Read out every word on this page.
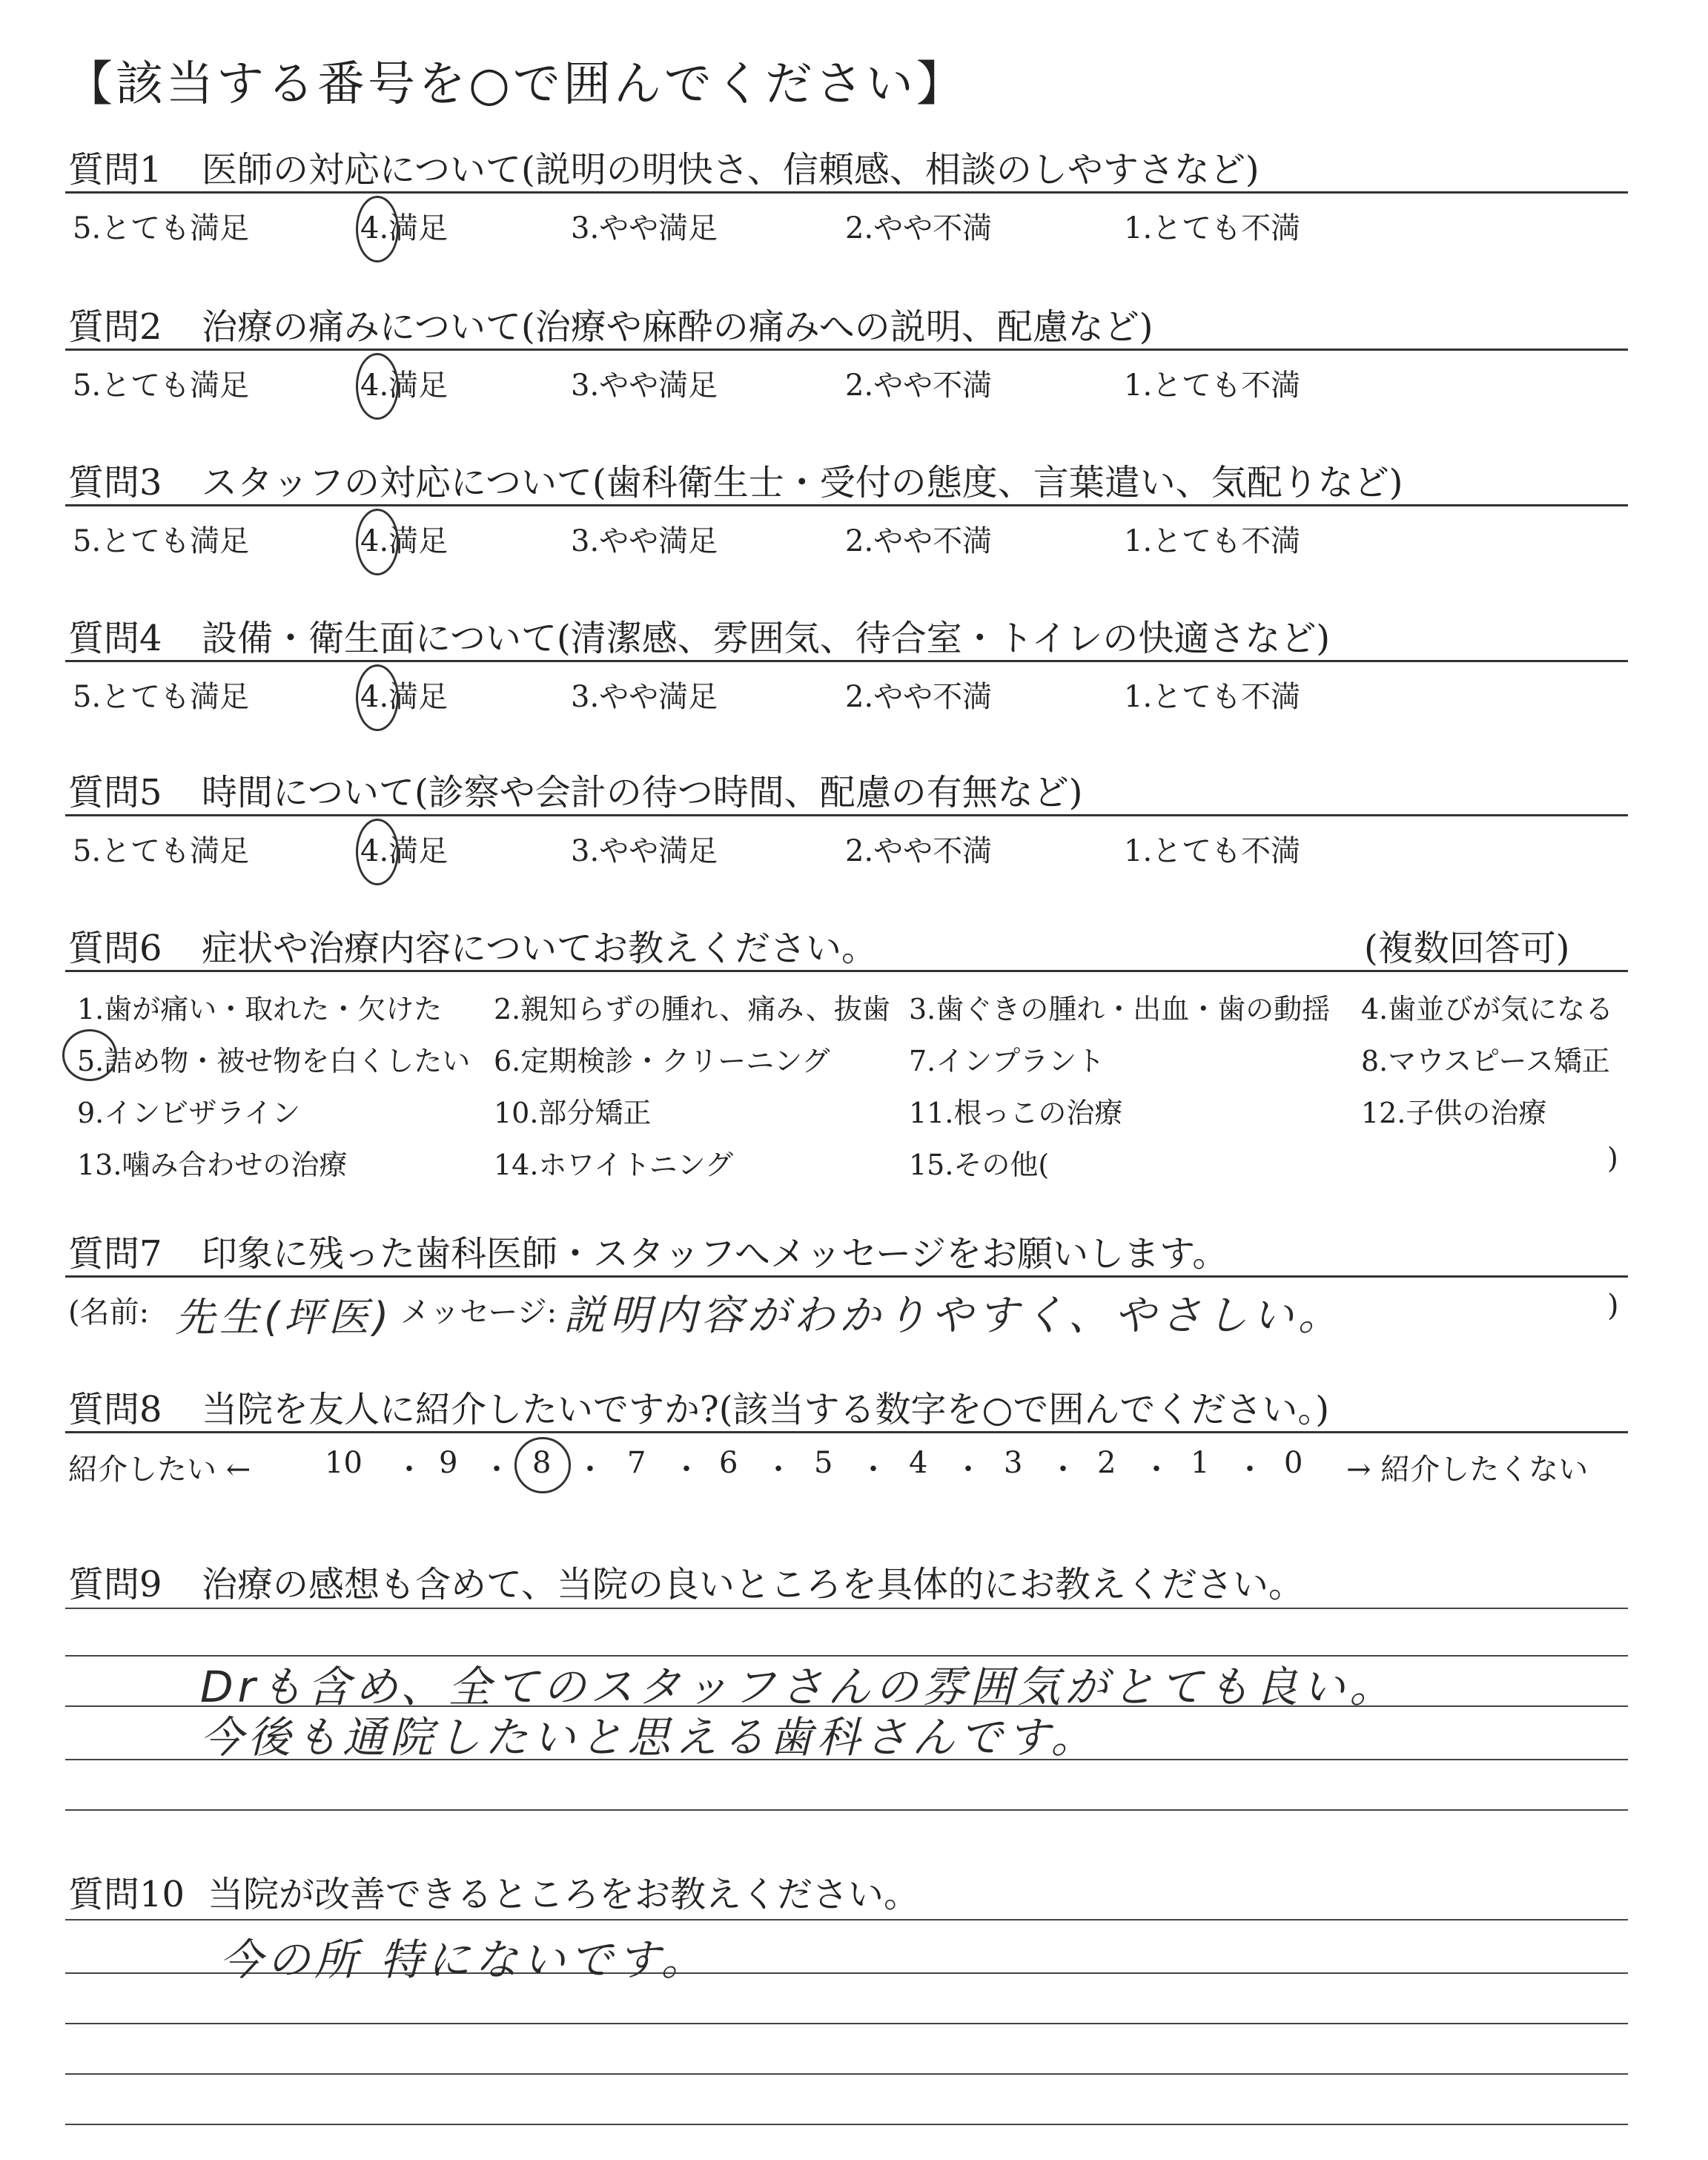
【該当する番号を○で囲んでください】
質問1 医師の対応について(説明の明快さ、信頼感、相談のしやすさなど)
5.とても満足	4.満足	3.やや満足	2.やや不満	1.とても不満
質問2 治療の痛みについて(治療や麻酔の痛みへの説明、配慮など)
5.とても満足	4.満足	3.やや満足	2.やや不満	1.とても不満
質問3 スタッフの対応について(歯科衛生士・受付の態度、言葉遣い、気配りなど)
5.とても満足	4.満足	3.やや満足	2.やや不満	1.とても不満
質問4 設備・衛生面について(清潔感、雰囲気、待合室・トイレの快適さなど)
5.とても満足	4.満足	3.やや満足	2.やや不満	1.とても不満
質問5 時間について(診察や会計の待つ時間、配慮の有無など)
5.とても満足	4.満足	3.やや満足	2.やや不満	1.とても不満
質問6 症状や治療内容についてお教えください。	(複数回答可)
1.歯が痛い・取れた・欠けた 2.親知らずの腫れ、痛み、抜歯 3.歯ぐきの腫れ・出血・歯の動揺 4.歯並びが気になる
5.詰め物・被せ物を白くしたい 6.定期検診・クリーニング	7.インプラント	8.マウスピース矯正
9.インビザライン	10.部分矯正	11.根っこの治療	12.子供の治療
13.噛み合わせの治療	14.ホワイトニング	15.その他(	)
質問7 印象に残った歯科医師・スタッフへメッセージをお願いします。
(名前: 先生(坪医) メッセージ: 説明内容がわかりやすく、やさしい。	)
質問8 当院を友人に紹介したいですか?(該当する数字を○で囲んでください。)
紹介したい ← 10 ・ 9 ・ 8 ・ 7 ・ 6 ・ 5 ・ 4 ・ 3 ・ 2 ・ 1 ・ 0 → 紹介したくない
質問9 治療の感想も含めて、当院の良いところを具体的にお教えください。
Drも含め、全てのスタッフさんの雰囲気がとても良い。
今後も通院したいと思える歯科さんです。
質問10 当院が改善できるところをお教えください。
今の所 特にないです。
